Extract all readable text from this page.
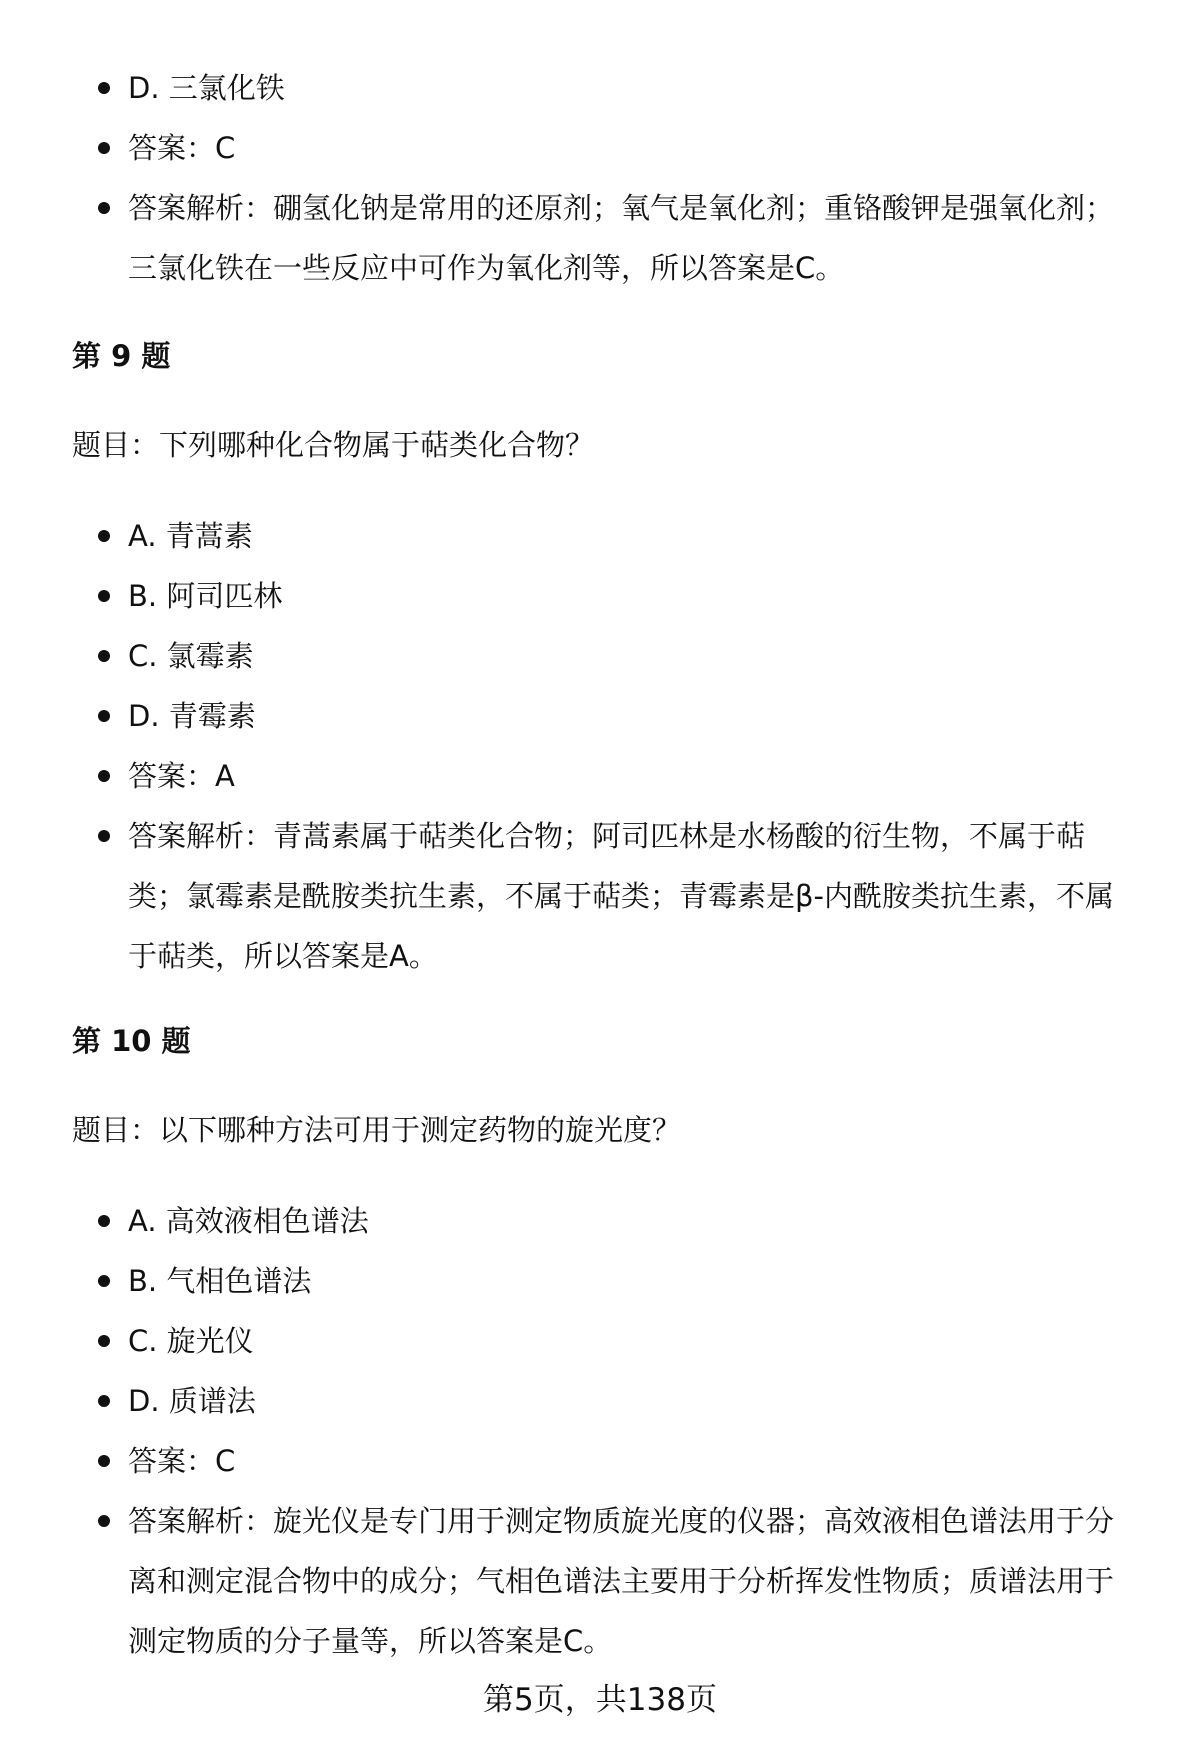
D. 三氯化铁
答案：C
答案解析：硼氢化钠是常用的还原剂；氧气是氧化剂；重铬酸钾是强氧化剂；三氯化铁在一些反应中可作为氧化剂等，所以答案是C。
第 9 题

题目：下列哪种化合物属于萜类化合物？

A. 青蒿素
B. 阿司匹林
C. 氯霉素
D. 青霉素
答案：A
答案解析：青蒿素属于萜类化合物；阿司匹林是水杨酸的衍生物，不属于萜类；氯霉素是酰胺类抗生素，不属于萜类；青霉素是β-内酰胺类抗生素，不属于萜类，所以答案是A。
第 10 题

题目：以下哪种方法可用于测定药物的旋光度？

A. 高效液相色谱法
B. 气相色谱法
C. 旋光仪
D. 质谱法
答案：C
答案解析：旋光仪是专门用于测定物质旋光度的仪器；高效液相色谱法用于分离和测定混合物中的成分；气相色谱法主要用于分析挥发性物质；质谱法用于测定物质的分子量等，所以答案是C。
第5页，共138页
